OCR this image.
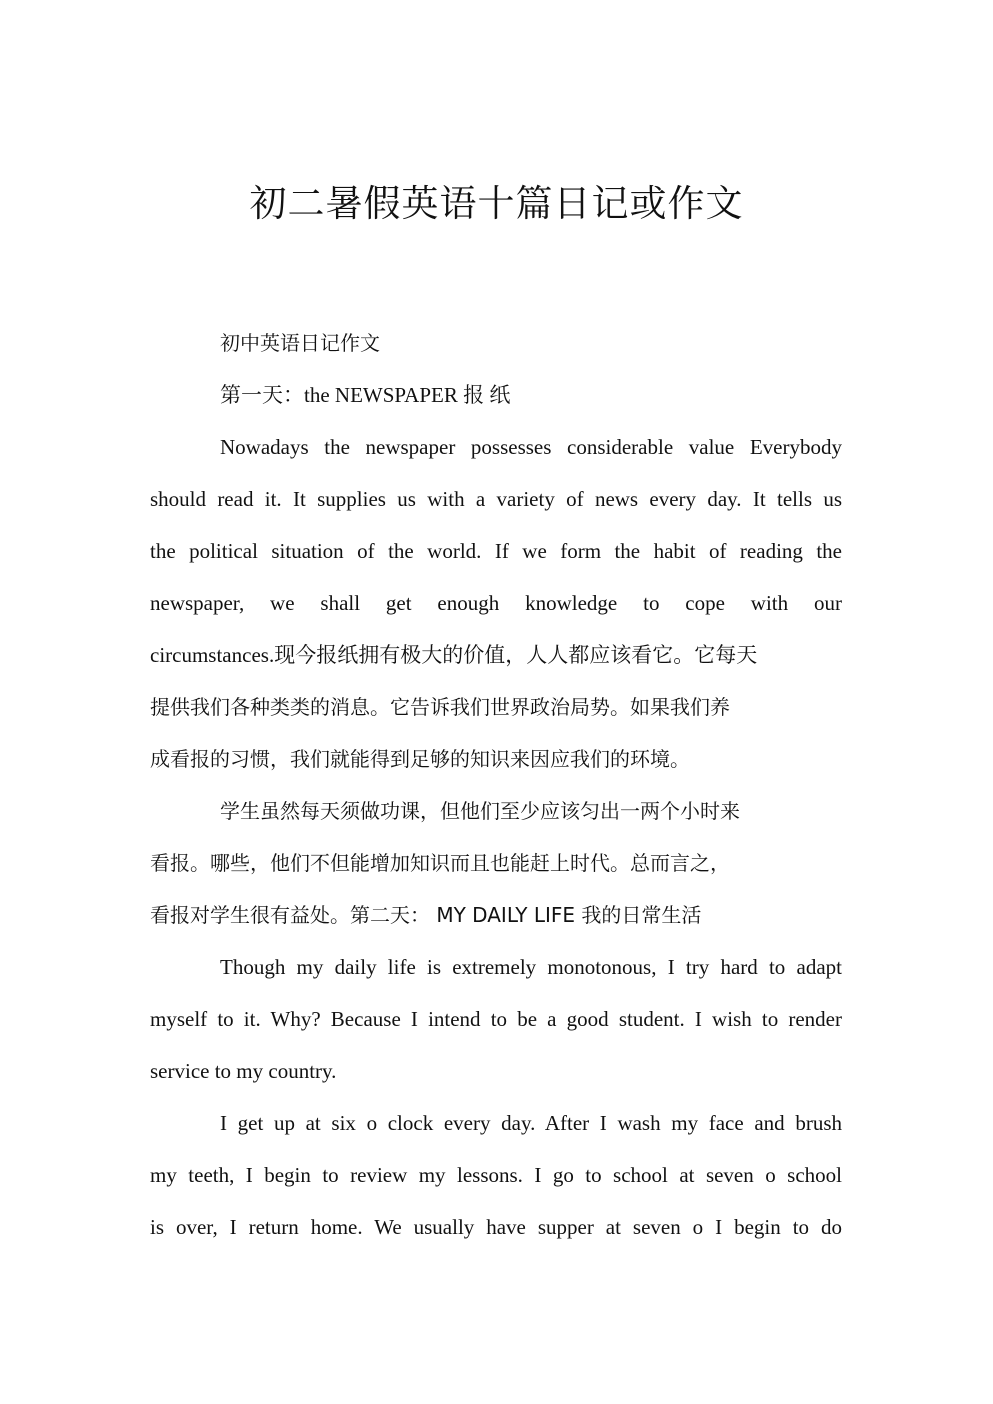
初二暑假英语十篇日记或作文

初中英语日记作文

第一天：the NEWSPAPER 报 纸

Nowadays the newspaper possesses considerable value Everybody

should read it. It supplies us with a variety of news every day. It tells us

the political situation of the world. If we form the habit of reading the

newspaper, we shall get enough knowledge to cope with our

circumstances.现今报纸拥有极大的价值，人人都应该看它。它每天

提供我们各种类类的消息。它告诉我们世界政治局势。如果我们养

成看报的习惯，我们就能得到足够的知识来因应我们的环境。

学生虽然每天须做功课，但他们至少应该匀出一两个小时来

看报。哪些，他们不但能增加知识而且也能赶上时代。总而言之，

看报对学生很有益处。第二天： MY DAILY LIFE 我的日常生活

Though my daily life is extremely monotonous, I try hard to adapt

myself to it. Why? Because I intend to be a good student. I wish to render

service to my country.

I get up at six o clock every day. After I wash my face and brush

my teeth, I begin to review my lessons. I go to school at seven o school

is over, I return home. We usually have supper at seven o I begin to do
